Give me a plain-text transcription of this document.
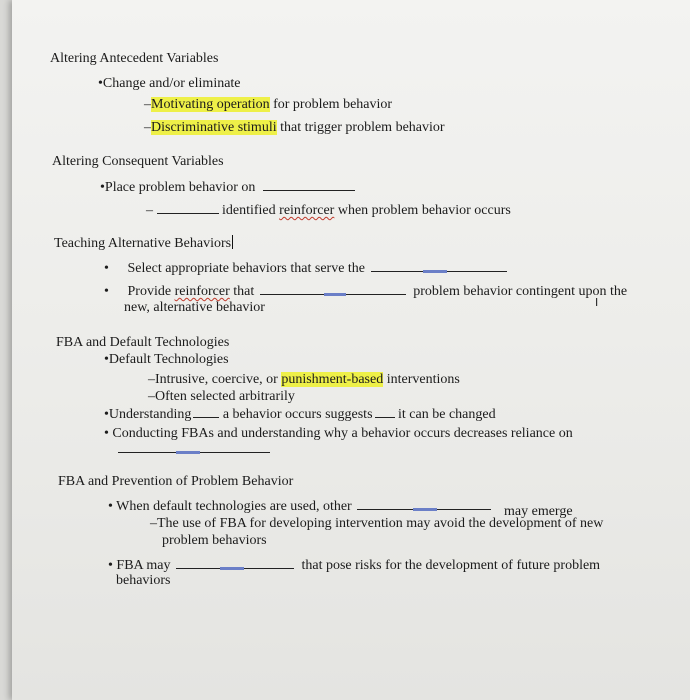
Altering Antecedent Variables
•Change and/or eliminate
–Motivating operation for problem behavior
–Discriminative stimuli that trigger problem behavior
Altering Consequent Variables
•Place problem behavior on
–	identified reinforcer when problem behavior occurs
Teaching Alternative Behaviors
• Select appropriate behaviors that serve the
• Provide reinforcer that	problem behavior contingent upon the
new, alternative behavior	I
FBA and Default Technologies
•Default Technologies
–Intrusive, coercive, or punishment-based interventions
–Often selected arbitrarily
•Understanding a behavior occurs suggests it can be changed
• Conducting FBAs and understanding why a behavior occurs decreases reliance on
FBA and Prevention of Problem Behavior
• When default technologies are used, other	may emerge
–The use of FBA for developing intervention may avoid the development of new
problem behaviors
• FBA may	that pose risks for the development of future problem
behaviors
